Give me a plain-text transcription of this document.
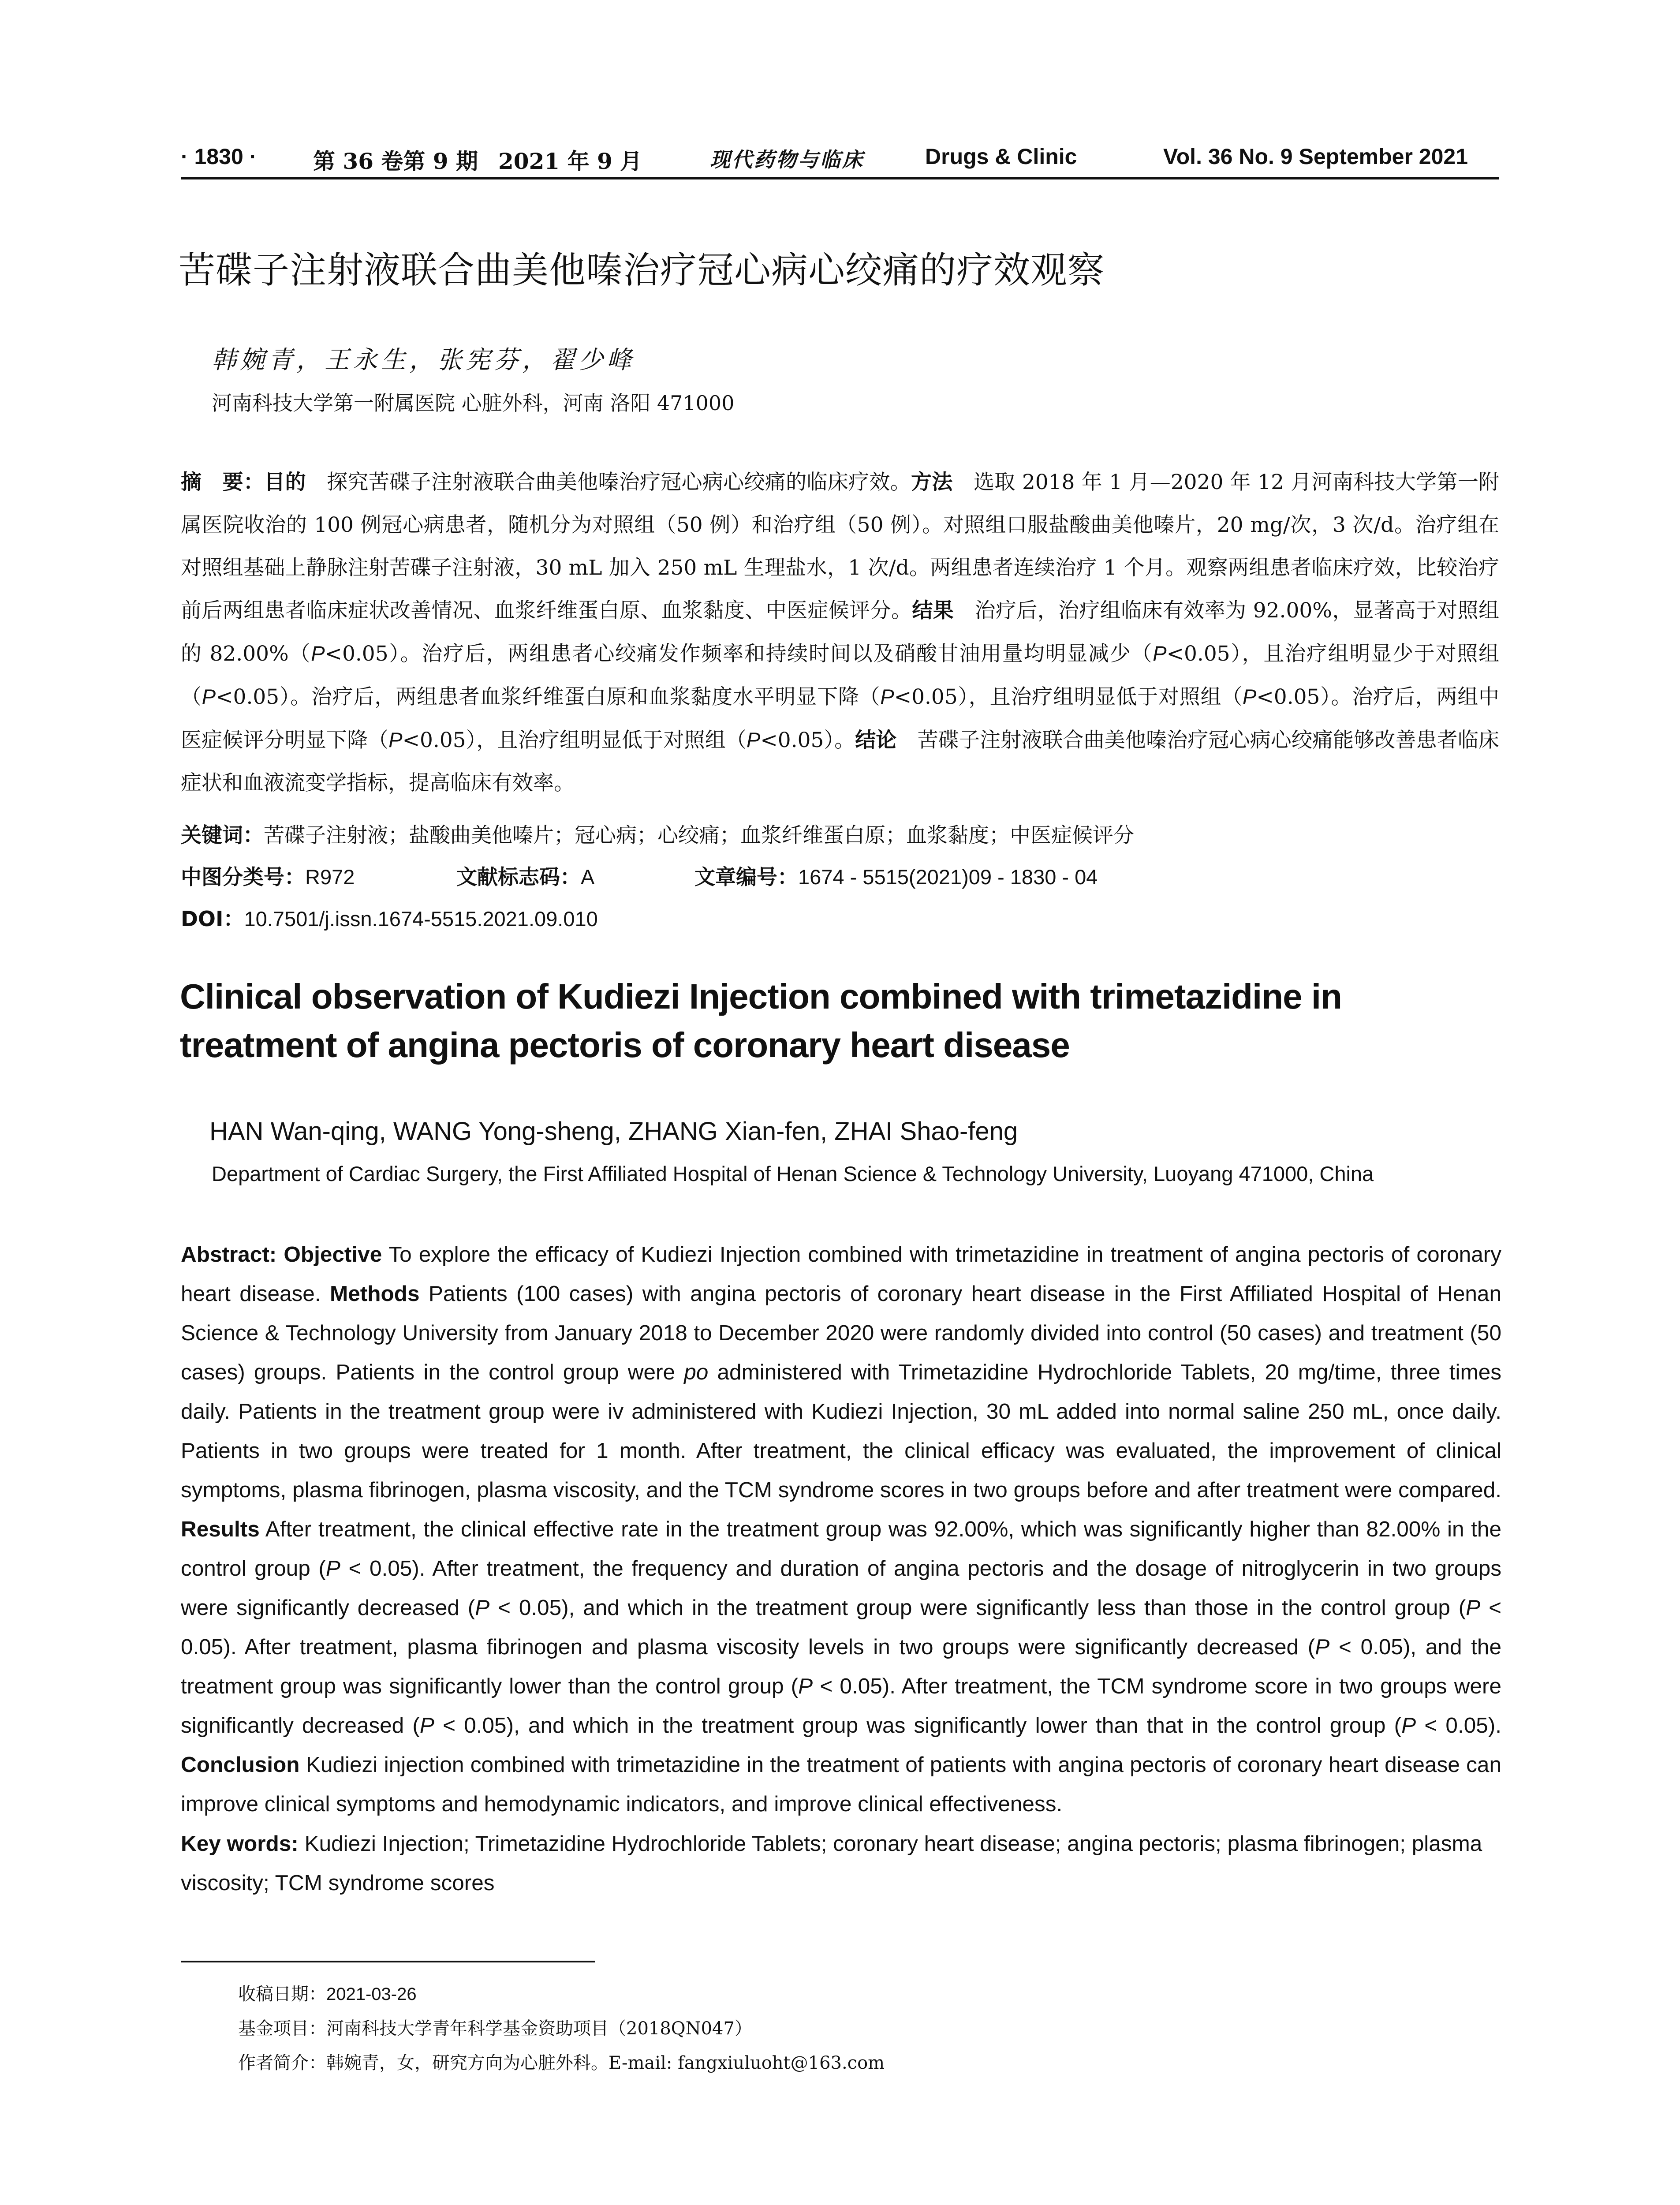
· 1830 ·	第 36 卷第 9 期 2021 年 9 月	现代药物与临床	Drugs & Clinic	Vol. 36 No. 9 September 2021
苦碟子注射液联合曲美他嗪治疗冠心病心绞痛的疗效观察
韩婉青，王永生，张宪芬，翟少峰
河南科技大学第一附属医院 心脏外科，河南 洛阳 471000
摘　要：目的　探究苦碟子注射液联合曲美他嗪治疗冠心病心绞痛的临床疗效。方法　选取 2018 年 1 月—2020 年 12 月河南科技大学第一附属医院收治的 100 例冠心病患者，随机分为对照组（50 例）和治疗组（50 例）。对照组口服盐酸曲美他嗪片，20 mg/次，3 次/d。治疗组在对照组基础上静脉注射苦碟子注射液，30 mL 加入 250 mL 生理盐水，1 次/d。两组患者连续治疗 1 个月。观察两组患者临床疗效，比较治疗前后两组患者临床症状改善情况、血浆纤维蛋白原、血浆黏度、中医症候评分。结果　治疗后，治疗组临床有效率为 92.00%，显著高于对照组的 82.00%（P<0.05）。治疗后，两组患者心绞痛发作频率和持续时间以及硝酸甘油用量均明显减少（P<0.05），且治疗组明显少于对照组（P<0.05）。治疗后，两组患者血浆纤维蛋白原和血浆黏度水平明显下降（P<0.05），且治疗组明显低于对照组（P<0.05）。治疗后，两组中医症候评分明显下降（P<0.05），且治疗组明显低于对照组（P<0.05）。结论　苦碟子注射液联合曲美他嗪治疗冠心病心绞痛能够改善患者临床症状和血液流变学指标，提高临床有效率。
关键词：苦碟子注射液；盐酸曲美他嗪片；冠心病；心绞痛；血浆纤维蛋白原；血浆黏度；中医症候评分
中图分类号：R972	文献标志码：A	文章编号：1674 - 5515(2021)09 - 1830 - 04
DOI：10.7501/j.issn.1674-5515.2021.09.010
Clinical observation of Kudiezi Injection combined with trimetazidine in treatment of angina pectoris of coronary heart disease
HAN Wan-qing, WANG Yong-sheng, ZHANG Xian-fen, ZHAI Shao-feng
Department of Cardiac Surgery, the First Affiliated Hospital of Henan Science & Technology University, Luoyang 471000, China
Abstract: Objective To explore the efficacy of Kudiezi Injection combined with trimetazidine in treatment of angina pectoris of coronary heart disease. Methods Patients (100 cases) with angina pectoris of coronary heart disease in the First Affiliated Hospital of Henan Science & Technology University from January 2018 to December 2020 were randomly divided into control (50 cases) and treatment (50 cases) groups. Patients in the control group were po administered with Trimetazidine Hydrochloride Tablets, 20 mg/time, three times daily. Patients in the treatment group were iv administered with Kudiezi Injection, 30 mL added into normal saline 250 mL, once daily. Patients in two groups were treated for 1 month. After treatment, the clinical efficacy was evaluated, the improvement of clinical symptoms, plasma fibrinogen, plasma viscosity, and the TCM syndrome scores in two groups before and after treatment were compared. Results After treatment, the clinical effective rate in the treatment group was 92.00%, which was significantly higher than 82.00% in the control group (P < 0.05). After treatment, the frequency and duration of angina pectoris and the dosage of nitroglycerin in two groups were significantly decreased (P < 0.05), and which in the treatment group were significantly less than those in the control group (P < 0.05). After treatment, plasma fibrinogen and plasma viscosity levels in two groups were significantly decreased (P < 0.05), and the treatment group was significantly lower than the control group (P < 0.05). After treatment, the TCM syndrome score in two groups were significantly decreased (P < 0.05), and which in the treatment group was significantly lower than that in the control group (P < 0.05). Conclusion Kudiezi injection combined with trimetazidine in the treatment of patients with angina pectoris of coronary heart disease can improve clinical symptoms and hemodynamic indicators, and improve clinical effectiveness.
Key words: Kudiezi Injection; Trimetazidine Hydrochloride Tablets; coronary heart disease; angina pectoris; plasma fibrinogen; plasma viscosity; TCM syndrome scores
收稿日期：2021-03-26
基金项目：河南科技大学青年科学基金资助项目（2018QN047）
作者简介：韩婉青，女，研究方向为心脏外科。E-mail: fangxiuluoht@163.com
